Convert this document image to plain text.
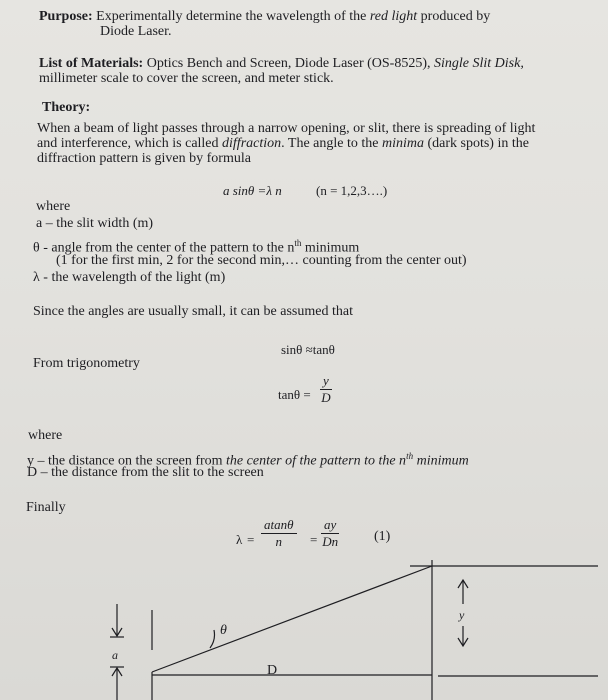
Purpose: Experimentally determine the wavelength of the red light produced by
Diode Laser.
List of Materials: Optics Bench and Screen, Diode Laser (OS-8525), Single Slit Disk,
millimeter scale to cover the screen, and meter stick.
Theory:
When a beam of light passes through a narrow opening, or slit, there is spreading of light
and interference, which is called diffraction. The angle to the minima (dark spots) in the
diffraction pattern is given by formula
a sinθ =λ n	(n = 1,2,3….)
where
a – the slit width (m)
θ - angle from the center of the pattern to the $n^{th}$ minimum
(1 for the first min, 2 for the second min,… counting from the center out)
λ - the wavelength of the light (m)
Since the angles are usually small, it can be assumed that
sinθ ≈tanθ
From trigonometry
$\tan\theta = \frac{y}{D}$
where
y – the distance on the screen from the center of the pattern to the $n^{th}$ minimum
D – the distance from the slit to the screen
Finally
$\lambda = \frac{atan\theta}{n} = \frac{ay}{Dn} (1)$
θ
D
a
y
